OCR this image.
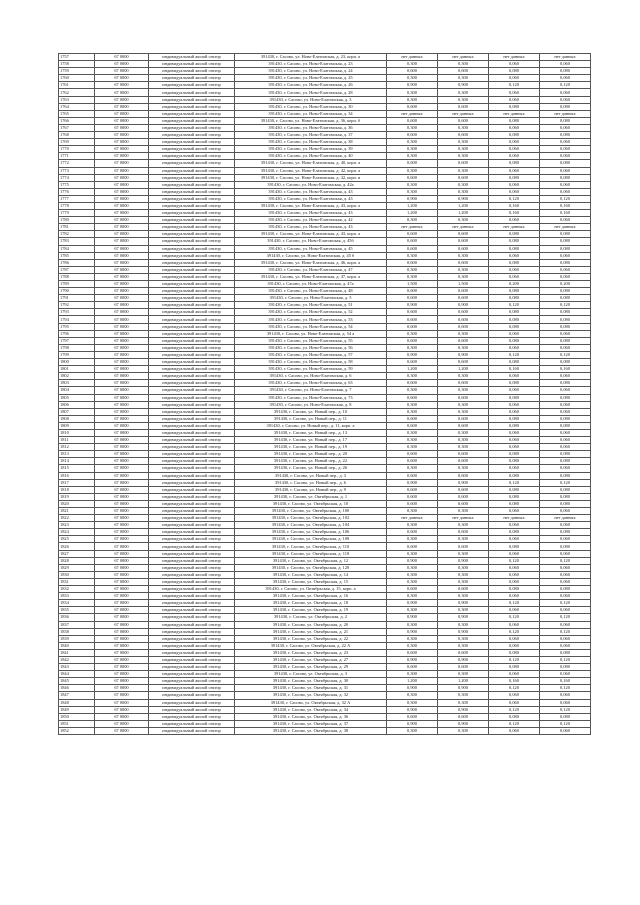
1757	67 0000	индивидуальный жилой сектор	391430, г. Сасово, ул. Ново-Елатомская, д. 23, корп. а	нет данных	нет данных	нет данных	нет данных
1758	67 0000	индивидуальный жилой сектор	391430, г. Сасово, ул. Ново-Елатомская, д. 23	0,300	0,300	0,060	0,060
1759	67 0000	индивидуальный жилой сектор	391430, г. Сасово, ул. Ново-Елатомская, д. 24	0,600	0,600	0,080	0,080
1760	67 0000	индивидуальный жилой сектор	391430, г. Сасово, ул. Ново-Елатомская, д. 25	0,300	0,300	0,060	0,060
1761	67 0000	индивидуальный жилой сектор	391430, г. Сасово, ул. Ново-Елатомская, д. 26	0,900	0,900	0,120	0,120
1762	67 0000	индивидуальный жилой сектор	391430, г. Сасово, ул. Ново-Елатомская, д. 28	0,300	0,300	0,060	0,060
1763	67 0000	индивидуальный жилой сектор	391430, г. Сасово, ул. Ново-Елатомская, д. 3	0,300	0,300	0,060	0,060
1764	67 0000	индивидуальный жилой сектор	391430, г. Сасово, ул. Ново-Елатомская, д. 30	0,600	0,600	0,080	0,080
1765	67 0000	индивидуальный жилой сектор	391430, г. Сасово, ул. Ново-Елатомская, д. 34	нет данных	нет данных	нет данных	нет данных
1766	67 0000	индивидуальный жилой сектор	391430, г. Сасово, ул. Ново-Елатомская, д. 36, корп. б	0,600	0,600	0,080	0,080
1767	67 0000	индивидуальный жилой сектор	391430, г. Сасово, ул. Ново-Елатомская, д. 36	0,300	0,300	0,060	0,060
1768	67 0000	индивидуальный жилой сектор	391430, г. Сасово, ул. Ново-Елатомская, д. 37	0,600	0,600	0,080	0,080
1769	67 0000	индивидуальный жилой сектор	391430, г. Сасово, ул. Ново-Елатомская, д. 38	0,300	0,300	0,060	0,060
1770	67 0000	индивидуальный жилой сектор	391430, г. Сасово, ул. Ново-Елатомская, д. 39	0,300	0,300	0,060	0,060
1771	67 0000	индивидуальный жилой сектор	391430, г. Сасово, ул. Ново-Елатомская, д. 40	0,300	0,300	0,060	0,060
1772	67 0000	индивидуальный жилой сектор	391430, г. Сасово, ул. Ново-Елатомская, д. 40, корп. а	0,600	0,600	0,080	0,080
1773	67 0000	индивидуальный жилой сектор	391430, г. Сасово, ул. Ново-Елатомская, д. 42, корп. а	0,300	0,300	0,060	0,060
1774	67 0000	индивидуальный жилой сектор	391430, г. Сасово, ул. Ново-Елатомская, д. 42, корп. в	0,600	0,600	0,080	0,080
1775	67 0000	индивидуальный жилой сектор	391430, г. Сасово, ул. Ново-Елатомская, д. 42а	0,300	0,300	0,060	0,060
1776	67 0000	индивидуальный жилой сектор	391430, г. Сасово, ул. Ново-Елатомская, д. 43	0,300	0,300	0,060	0,060
1777	67 0000	индивидуальный жилой сектор	391430, г. Сасово, ул. Ново-Елатомская, д. 43	0,900	0,900	0,120	0,120
1778	67 0000	индивидуальный жилой сектор	391430, г. Сасово, ул. Ново-Елатомская, д. 43, корп. а	1,200	1,200	0,160	0,160
1779	67 0000	индивидуальный жилой сектор	391430, г. Сасово, ул. Ново-Елатомская, д. 43	1,200	1,200	0,160	0,160
1780	67 0000	индивидуальный жилой сектор	391430, г. Сасово, ул. Ново-Елатомская, д. 42	0,300	0,300	0,060	0,060
1781	67 0000	индивидуальный жилой сектор	391430, г. Сасово, ул. Ново-Елатомская, д. 43	нет данных	нет данных	нет данных	нет данных
1782	67 0000	индивидуальный жилой сектор	391430, г. Сасово, ул. Ново-Елатомская, д. 43, корп. а	0,600	0,600	0,080	0,080
1783	67 0000	индивидуальный жилой сектор	391430, г. Сасово, ул. Ново-Елатомская, д. 45б	0,600	0,600	0,080	0,080
1784	67 0000	индивидуальный жилой сектор	391430, г. Сасово, ул. Ново-Елатомская, д. 45	0,600	0,600	0,080	0,080
1785	67 0000	индивидуальный жилой сектор	391430, г. Сасово, ул. Ново-Елатомская, д. 45 б	0,300	0,300	0,060	0,060
1786	67 0000	индивидуальный жилой сектор	391430, г. Сасово, ул. Ново-Елатомская, д. 46, корп. а	0,600	0,600	0,080	0,080
1787	67 0000	индивидуальный жилой сектор	391430, г. Сасово, ул. Ново-Елатомская, д. 47	0,300	0,300	0,060	0,060
1788	67 0000	индивидуальный жилой сектор	391430, г. Сасово, ул. Ново-Елатомская, д. 47, корп. а	0,300	0,300	0,060	0,060
1789	67 0000	индивидуальный жилой сектор	391430, г. Сасово, ул. Ново-Елатомская, д. 47а	1,500	1,500	0,200	0,200
1790	67 0000	индивидуальный жилой сектор	391430, г. Сасово, ул. Ново-Елатомская, д. 48	0,600	0,600	0,080	0,080
1791	67 0000	индивидуальный жилой сектор	391430, г. Сасово, ул. Ново-Елатомская, д. 5	0,600	0,600	0,080	0,080
1792	67 0000	индивидуальный жилой сектор	391430, г. Сасово, ул. Ново-Елатомская, д. 51	0,900	0,900	0,120	0,120
1793	67 0000	индивидуальный жилой сектор	391430, г. Сасово, ул. Ново-Елатомская, д. 52	0,600	0,600	0,080	0,080
1794	67 0000	индивидуальный жилой сектор	391430, г. Сасово, ул. Ново-Елатомская, д. 53	0,600	0,600	0,080	0,080
1795	67 0000	индивидуальный жилой сектор	391430, г. Сасово, ул. Ново-Елатомская, д. 54	0,600	0,600	0,080	0,080
1796	67 0000	индивидуальный жилой сектор	391430, г. Сасово, ул. Ново-Елатомская, д. 54 а	0,300	0,300	0,060	0,060
1797	67 0000	индивидуальный жилой сектор	391430, г. Сасово, ул. Ново-Елатомская, д. 55	0,600	0,600	0,080	0,080
1798	67 0000	индивидуальный жилой сектор	391430, г. Сасово, ул. Ново-Елатомская, д. 56	0,300	0,300	0,060	0,060
1799	67 0000	индивидуальный жилой сектор	391430, г. Сасово, ул. Ново-Елатомская, д. 57	0,900	0,900	0,120	0,120
1800	67 0000	индивидуальный жилой сектор	391430, г. Сасово, ул. Ново-Елатомская, д. 58	0,600	0,600	0,080	0,080
1801	67 0000	индивидуальный жилой сектор	391430, г. Сасово, ул. Ново-Елатомская, д. 59	1,200	1,200	0,160	0,160
1802	67 0000	индивидуальный жилой сектор	391430, г. Сасово, ул. Ново-Елатомская, д. 6	0,300	0,300	0,060	0,060
1803	67 0000	индивидуальный жилой сектор	391430, г. Сасово, ул. Ново-Елатомская, д. 63	0,600	0,600	0,080	0,080
1804	67 0000	индивидуальный жилой сектор	391430, г. Сасово, ул. Ново-Елатомская, д. 7	0,300	0,300	0,060	0,060
1805	67 0000	индивидуальный жилой сектор	391430, г. Сасово, ул. Ново-Елатомская, д. 73	0,600	0,600	0,080	0,080
1806	67 0000	индивидуальный жилой сектор	391430, г. Сасово, ул. Ново-Елатомская, д. 8	0,300	0,300	0,060	0,060
1807	67 0000	индивидуальный жилой сектор	391430, г. Сасово, ул. Новый пер., д. 10	0,300	0,300	0,060	0,060
1808	67 0000	индивидуальный жилой сектор	391430, г. Сасово, ул. Новый пер., д. 11	0,600	0,600	0,080	0,080
1809	67 0000	индивидуальный жилой сектор	391430, г. Сасово, ул. Новый пер., д. 11, корп. а	0,600	0,600	0,080	0,080
1810	67 0000	индивидуальный жилой сектор	391430, г. Сасово, ул. Новый пер., д. 13	0,300	0,300	0,060	0,060
1811	67 0000	индивидуальный жилой сектор	391430, г. Сасово, ул. Новый пер., д. 17	0,300	0,300	0,060	0,060
1812	67 0000	индивидуальный жилой сектор	391430, г. Сасово, ул. Новый пер., д. 19	0,300	0,300	0,060	0,060
1813	67 0000	индивидуальный жилой сектор	391430, г. Сасово, ул. Новый пер., д. 20	0,600	0,600	0,080	0,080
1814	67 0000	индивидуальный жилой сектор	391430, г. Сасово, ул. Новый пер., д. 22	0,600	0,600	0,080	0,080
1815	67 0000	индивидуальный жилой сектор	391430, г. Сасово, ул. Новый пер., д. 26	0,300	0,300	0,060	0,060
1816	67 0000	индивидуальный жилой сектор	391430, г. Сасово, ул. Новый пер., д. 3	0,600	0,600	0,080	0,080
1817	67 0000	индивидуальный жилой сектор	391430, г. Сасово, ул. Новый пер., д. 6	0,900	0,900	0,120	0,120
1818	67 0000	индивидуальный жилой сектор	391430, г. Сасово, ул. Новый пер., д. 9	0,600	0,600	0,080	0,080
1819	67 0000	индивидуальный жилой сектор	391430, г. Сасово, ул. Октябрьская, д. 1	0,600	0,600	0,080	0,080
1820	67 0000	индивидуальный жилой сектор	391430, г. Сасово, ул. Октябрьская, д. 10	0,600	0,600	0,080	0,080
1821	67 0000	индивидуальный жилой сектор	391430, г. Сасово, ул. Октябрьская, д. 100	0,300	0,300	0,060	0,060
1822	67 0000	индивидуальный жилой сектор	391430, г. Сасово, ул. Октябрьская, д. 102	нет данных	нет данных	нет данных	нет данных
1823	67 0000	индивидуальный жилой сектор	391430, г. Сасово, ул. Октябрьская, д. 104	0,300	0,300	0,060	0,060
1824	67 0000	индивидуальный жилой сектор	391430, г. Сасово, ул. Октябрьская, д. 106	0,600	0,600	0,080	0,080
1825	67 0000	индивидуальный жилой сектор	391430, г. Сасово, ул. Октябрьская, д. 108	0,300	0,300	0,060	0,060
1826	67 0000	индивидуальный жилой сектор	391430, г. Сасово, ул. Октябрьская, д. 110	0,600	0,600	0,080	0,080
1827	67 0000	индивидуальный жилой сектор	391430, г. Сасово, ул. Октябрьская, д. 118	0,300	0,300	0,060	0,060
1828	67 0000	индивидуальный жилой сектор	391430, г. Сасово, ул. Октябрьская, д. 12	0,900	0,900	0,120	0,120
1829	67 0000	индивидуальный жилой сектор	391430, г. Сасово, ул. Октябрьская, д. 120	0,300	0,300	0,060	0,060
1830	67 0000	индивидуальный жилой сектор	391430, г. Сасово, ул. Октябрьская, д. 14	0,300	0,300	0,060	0,060
1831	67 0000	индивидуальный жилой сектор	391430, г. Сасово, ул. Октябрьская, д. 15	0,300	0,300	0,060	0,060
1832	67 0000	индивидуальный жилой сектор	391430, г. Сасово, ул. Октябрьская, д. 15, корп. а	0,600	0,600	0,080	0,080
1833	67 0000	индивидуальный жилой сектор	391430, г. Сасово, ул. Октябрьская, д. 16	0,300	0,300	0,060	0,060
1834	67 0000	индивидуальный жилой сектор	391430, г. Сасово, ул. Октябрьская, д. 18	0,900	0,900	0,120	0,120
1835	67 0000	индивидуальный жилой сектор	391430, г. Сасово, ул. Октябрьская, д. 19	0,300	0,300	0,060	0,060
1836	67 0000	индивидуальный жилой сектор	391430, г. Сасово, ул. Октябрьская, д. 2	0,900	0,900	0,120	0,120
1837	67 0000	индивидуальный жилой сектор	391430, г. Сасово, ул. Октябрьская, д. 20	0,300	0,300	0,060	0,060
1838	67 0000	индивидуальный жилой сектор	391430, г. Сасово, ул. Октябрьская, д. 21	0,900	0,900	0,120	0,120
1839	67 0000	индивидуальный жилой сектор	391430, г. Сасово, ул. Октябрьская, д. 22	0,300	0,300	0,060	0,060
1840	67 0000	индивидуальный жилой сектор	391430, г. Сасово, ул. Октябрьская, д. 22 А	0,300	0,300	0,060	0,060
1841	67 0000	индивидуальный жилой сектор	391430, г. Сасово, ул. Октябрьская, д. 23	0,600	0,600	0,080	0,080
1842	67 0000	индивидуальный жилой сектор	391430, г. Сасово, ул. Октябрьская, д. 27	0,900	0,900	0,120	0,120
1843	67 0000	индивидуальный жилой сектор	391430, г. Сасово, ул. Октябрьская, д. 29	0,600	0,600	0,080	0,080
1844	67 0000	индивидуальный жилой сектор	391430, г. Сасово, ул. Октябрьская, д. 3	0,300	0,300	0,060	0,060
1845	67 0000	индивидуальный жилой сектор	391430, г. Сасово, ул. Октябрьская, д. 30	1,200	1,200	0,160	0,160
1846	67 0000	индивидуальный жилой сектор	391430, г. Сасово, ул. Октябрьская, д. 31	0,900	0,900	0,120	0,120
1847	67 0000	индивидуальный жилой сектор	391430, г. Сасово, ул. Октябрьская, д. 32	0,300	0,300	0,060	0,060
1848	67 0000	индивидуальный жилой сектор	391430, г. Сасово, ул. Октябрьская, д. 32 А	0,300	0,300	0,060	0,060
1849	67 0000	индивидуальный жилой сектор	391430, г. Сасово, ул. Октябрьская, д. 34	0,900	0,900	0,120	0,120
1850	67 0000	индивидуальный жилой сектор	391430, г. Сасово, ул. Октябрьская, д. 36	0,600	0,600	0,080	0,080
1851	67 0000	индивидуальный жилой сектор	391430, г. Сасово, ул. Октябрьская, д. 37	0,900	0,900	0,120	0,120
1852	67 0000	индивидуальный жилой сектор	391430, г. Сасово, ул. Октябрьская, д. 38	0,300	0,300	0,060	0,060
